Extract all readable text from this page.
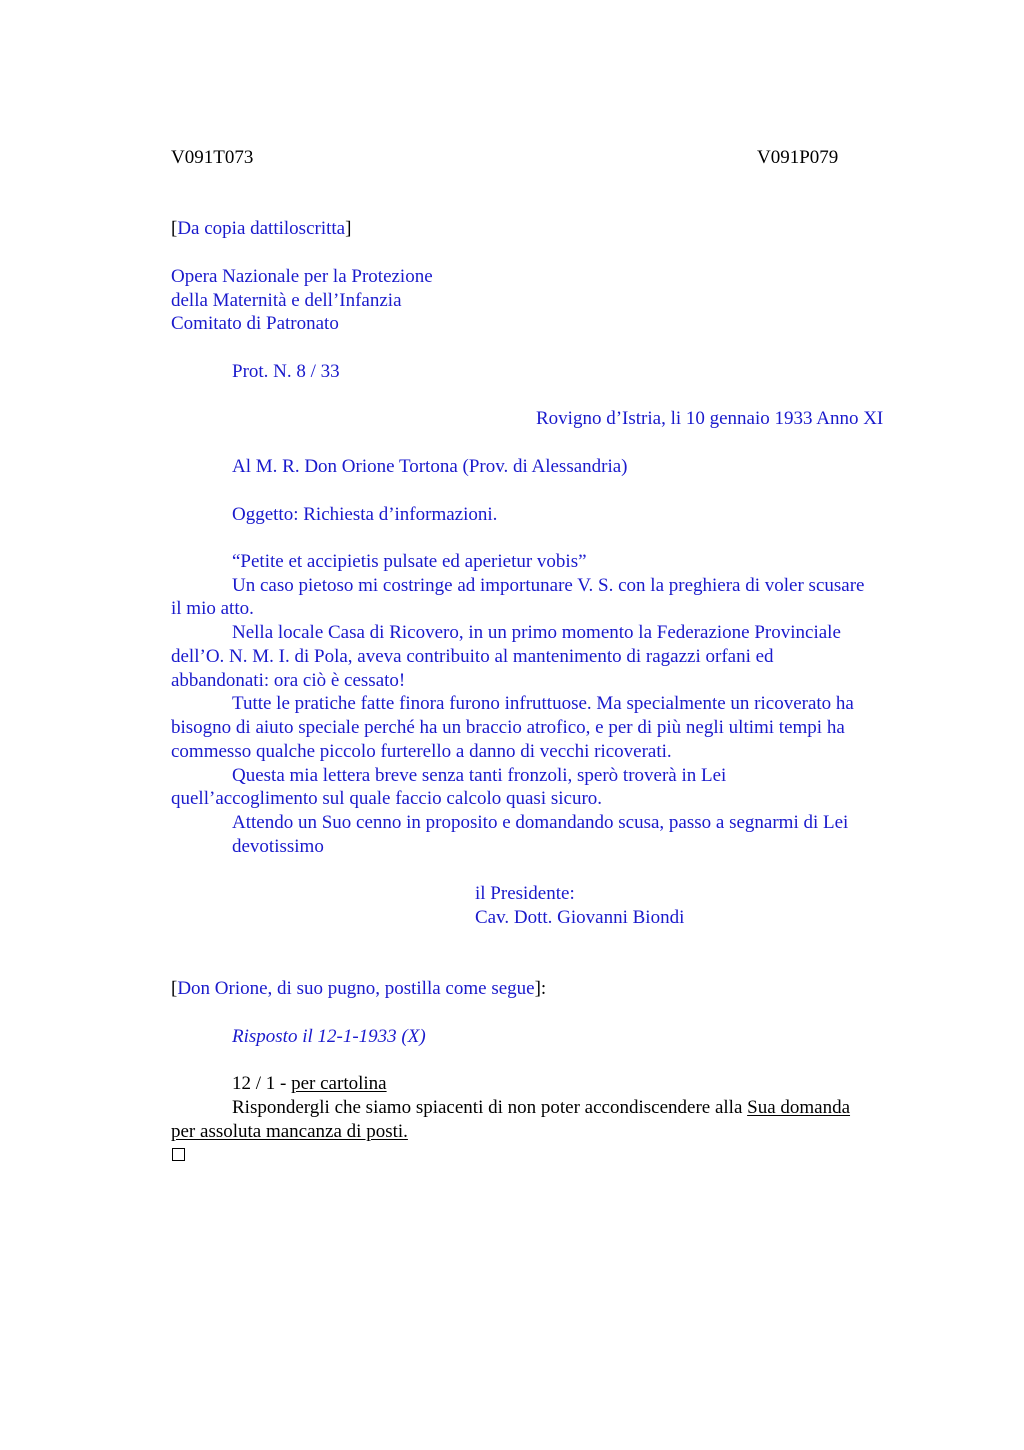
V091T073	V091P079
[Da copia dattiloscritta]
Opera Nazionale per la Protezione
della Maternità e dell’Infanzia
Comitato di Patronato
Prot. N. 8 / 33
Rovigno d’Istria, li 10 gennaio 1933 Anno XI
Al M. R. Don Orione Tortona (Prov. di Alessandria)
Oggetto: Richiesta d’informazioni.
“Petite et accipietis pulsate ed aperietur vobis”
Un caso pietoso mi costringe ad importunare V. S. con la preghiera di voler scusare
il mio atto.
Nella locale Casa di Ricovero, in un primo momento la Federazione Provinciale
dell’O. N. M. I. di Pola, aveva contribuito al mantenimento di ragazzi orfani ed
abbandonati: ora ciò è cessato!
Tutte le pratiche fatte finora furono infruttuose. Ma specialmente un ricoverato ha
bisogno di aiuto speciale perché ha un braccio atrofico, e per di più negli ultimi tempi ha
commesso qualche piccolo furterello a danno di vecchi ricoverati.
Questa mia lettera breve senza tanti fronzoli, sperò troverà in Lei
quell’accoglimento sul quale faccio calcolo quasi sicuro.
Attendo un Suo cenno in proposito e domandando scusa, passo a segnarmi di Lei
devotissimo
il Presidente:
Cav. Dott. Giovanni Biondi
[Don Orione, di suo pugno, postilla come segue]:
Risposto il 12-1-1933 (X)
12 / 1 - per cartolina
Rispondergli che siamo spiacenti di non poter accondiscendere alla Sua domanda
per assoluta mancanza di posti.
